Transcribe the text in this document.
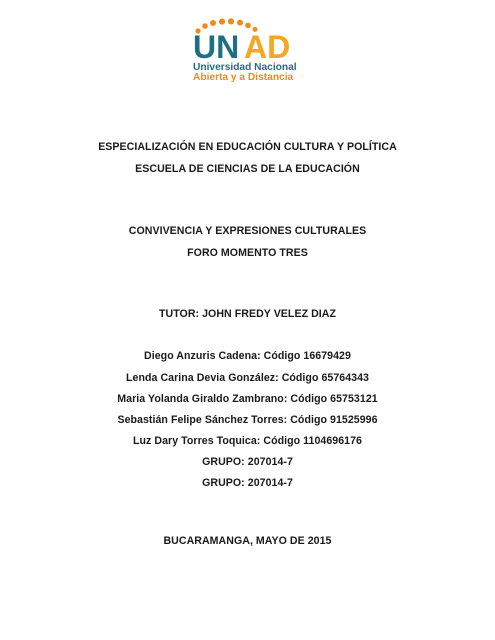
UN AD
Universidad Nacional
Abierta y a Distancia
ESPECIALIZACIÓN EN EDUCACIÓN CULTURA Y POLÍTICA
ESCUELA DE CIENCIAS DE LA EDUCACIÓN
CONVIVENCIA Y EXPRESIONES CULTURALES
FORO MOMENTO TRES
TUTOR: JOHN FREDY VELEZ DIAZ
Diego Anzuris Cadena: Código 16679429
Lenda Carina Devia González: Código 65764343
Maria Yolanda Giraldo Zambrano: Código 65753121
Sebastián Felipe Sánchez Torres: Código 91525996
Luz Dary Torres Toquica: Código 1104696176
GRUPO: 207014-7
GRUPO: 207014-7
BUCARAMANGA, MAYO DE 2015
